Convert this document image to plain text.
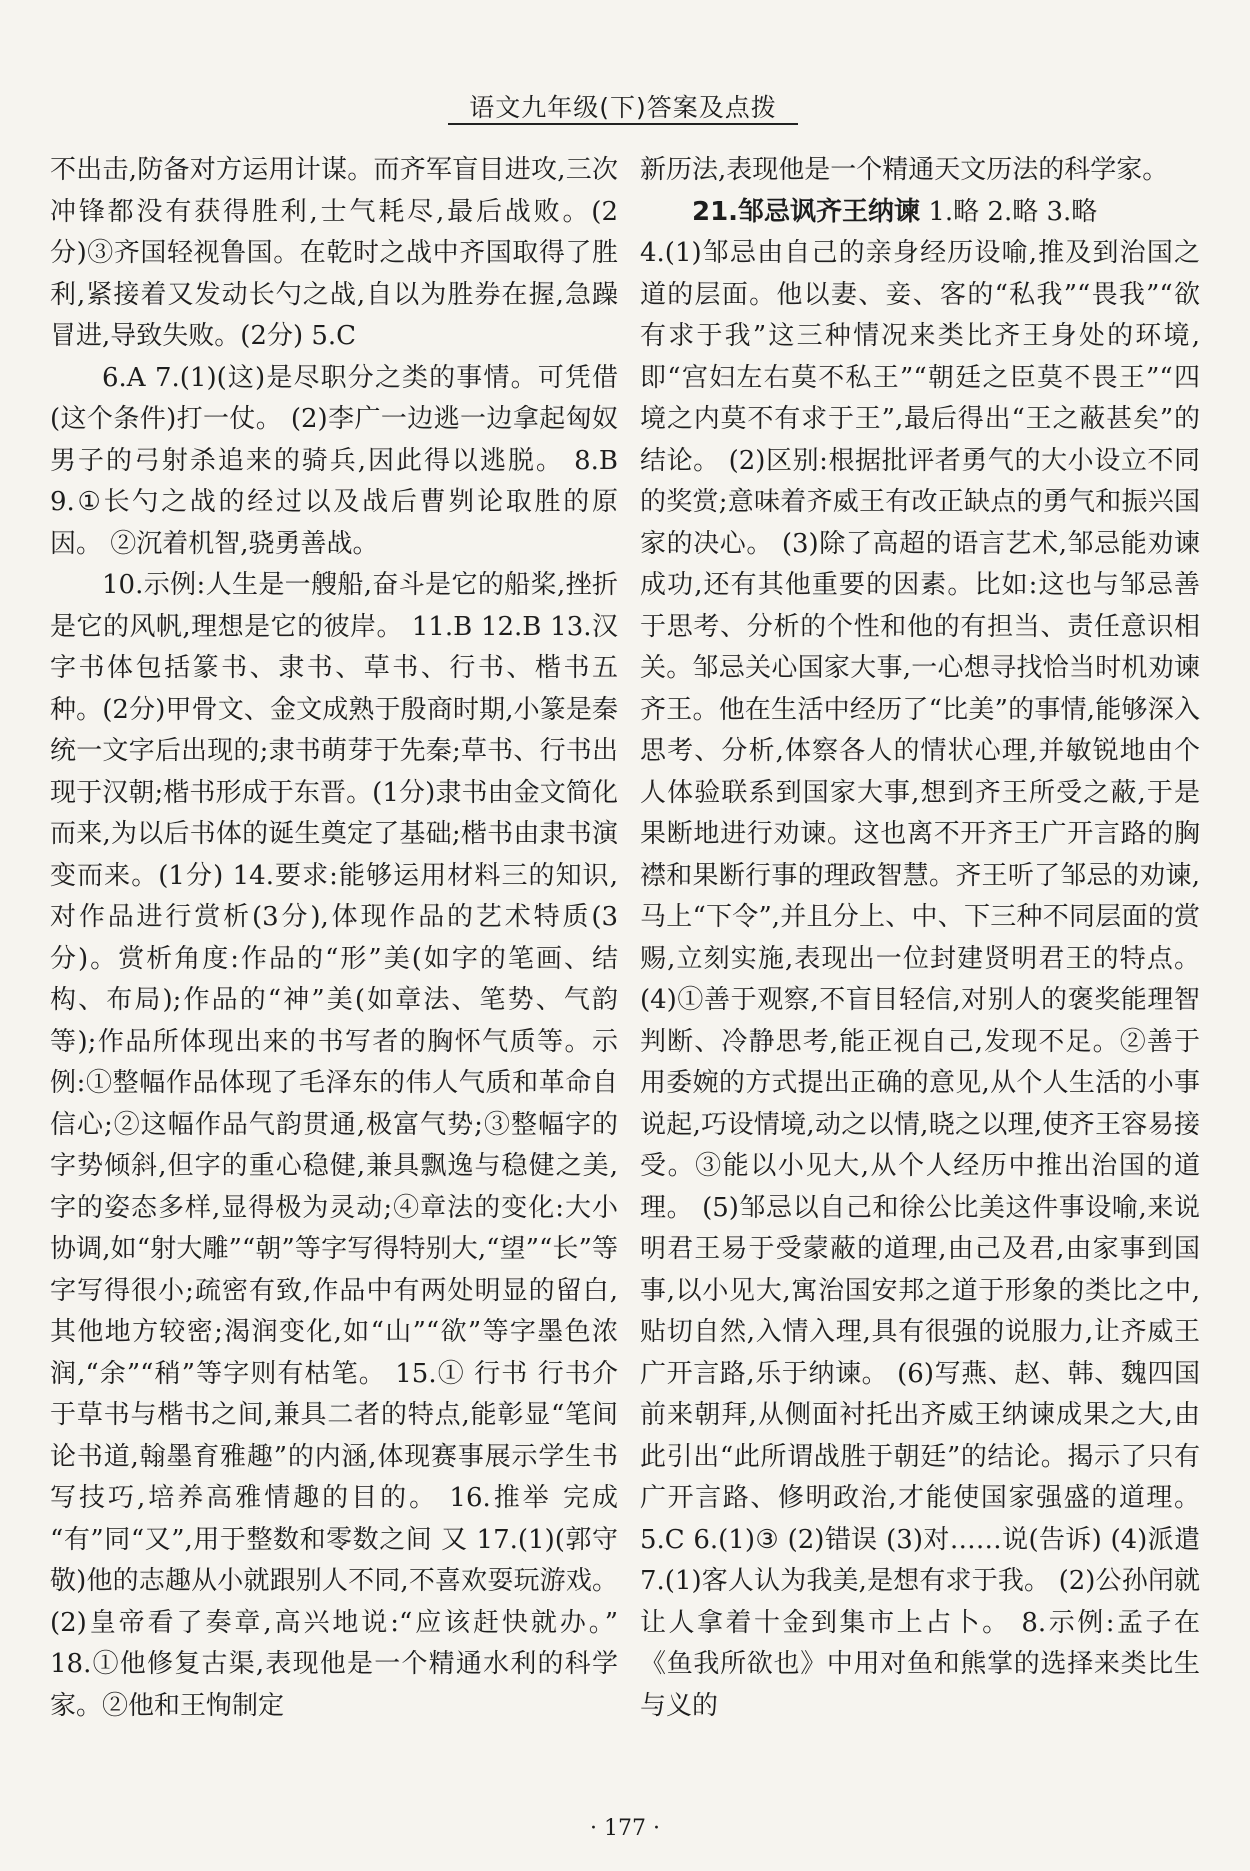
语文九年级(下)答案及点拨

不出击,防备对方运用计谋。而齐军盲目进攻,三次冲锋都没有获得胜利,士气耗尽,最后战败。(2分)③齐国轻视鲁国。在乾时之战中齐国取得了胜利,紧接着又发动长勺之战,自以为胜券在握,急躁冒进,导致失败。(2分) 5.C

6.A 7.(1)(这)是尽职分之类的事情。可凭借(这个条件)打一仗。 (2)李广一边逃一边拿起匈奴男子的弓射杀追来的骑兵,因此得以逃脱。 8.B 9.①长勺之战的经过以及战后曹刿论取胜的原因。 ②沉着机智,骁勇善战。

10.示例:人生是一艘船,奋斗是它的船桨,挫折是它的风帆,理想是它的彼岸。 11.B 12.B 13.汉字书体包括篆书、隶书、草书、行书、楷书五种。(2分)甲骨文、金文成熟于殷商时期,小篆是秦统一文字后出现的;隶书萌芽于先秦;草书、行书出现于汉朝;楷书形成于东晋。(1分)隶书由金文简化而来,为以后书体的诞生奠定了基础;楷书由隶书演变而来。(1分) 14.要求:能够运用材料三的知识,对作品进行赏析(3分),体现作品的艺术特质(3分)。赏析角度:作品的“形”美(如字的笔画、结构、布局);作品的“神”美(如章法、笔势、气韵等);作品所体现出来的书写者的胸怀气质等。示例:①整幅作品体现了毛泽东的伟人气质和革命自信心;②这幅作品气韵贯通,极富气势;③整幅字的字势倾斜,但字的重心稳健,兼具飘逸与稳健之美,字的姿态多样,显得极为灵动;④章法的变化:大小协调,如“射大雕”“朝”等字写得特别大,“望”“长”等字写得很小;疏密有致,作品中有两处明显的留白,其他地方较密;渴润变化,如“山”“欲”等字墨色浓润,“余”“稍”等字则有枯笔。 15.① 行书 行书介于草书与楷书之间,兼具二者的特点,能彰显“笔间论书道,翰墨育雅趣”的内涵,体现赛事展示学生书写技巧,培养高雅情趣的目的。 16.推举 完成 “有”同“又”,用于整数和零数之间 又 17.(1)(郭守敬)他的志趣从小就跟别人不同,不喜欢耍玩游戏。 (2)皇帝看了奏章,高兴地说:“应该赶快就办。” 18.①他修复古渠,表现他是一个精通水利的科学家。②他和王恂制定

新历法,表现他是一个精通天文历法的科学家。

21.邹忌讽齐王纳谏 1.略 2.略 3.略

4.(1)邹忌由自己的亲身经历设喻,推及到治国之道的层面。他以妻、妾、客的“私我”“畏我”“欲有求于我”这三种情况来类比齐王身处的环境,即“宫妇左右莫不私王”“朝廷之臣莫不畏王”“四境之内莫不有求于王”,最后得出“王之蔽甚矣”的结论。 (2)区别:根据批评者勇气的大小设立不同的奖赏;意味着齐威王有改正缺点的勇气和振兴国家的决心。 (3)除了高超的语言艺术,邹忌能劝谏成功,还有其他重要的因素。比如:这也与邹忌善于思考、分析的个性和他的有担当、责任意识相关。邹忌关心国家大事,一心想寻找恰当时机劝谏齐王。他在生活中经历了“比美”的事情,能够深入思考、分析,体察各人的情状心理,并敏锐地由个人体验联系到国家大事,想到齐王所受之蔽,于是果断地进行劝谏。这也离不开齐王广开言路的胸襟和果断行事的理政智慧。齐王听了邹忌的劝谏,马上“下令”,并且分上、中、下三种不同层面的赏赐,立刻实施,表现出一位封建贤明君王的特点。 (4)①善于观察,不盲目轻信,对别人的褒奖能理智判断、冷静思考,能正视自己,发现不足。②善于用委婉的方式提出正确的意见,从个人生活的小事说起,巧设情境,动之以情,晓之以理,使齐王容易接受。③能以小见大,从个人经历中推出治国的道理。 (5)邹忌以自己和徐公比美这件事设喻,来说明君王易于受蒙蔽的道理,由己及君,由家事到国事,以小见大,寓治国安邦之道于形象的类比之中,贴切自然,入情入理,具有很强的说服力,让齐威王广开言路,乐于纳谏。 (6)写燕、赵、韩、魏四国前来朝拜,从侧面衬托出齐威王纳谏成果之大,由此引出“此所谓战胜于朝廷”的结论。揭示了只有广开言路、修明政治,才能使国家强盛的道理。 5.C 6.(1)③ (2)错误 (3)对……说(告诉) (4)派遣 7.(1)客人认为我美,是想有求于我。 (2)公孙闬就让人拿着十金到集市上占卜。 8.示例:孟子在《鱼我所欲也》中用对鱼和熊掌的选择来类比生与义的

· 177 ·
